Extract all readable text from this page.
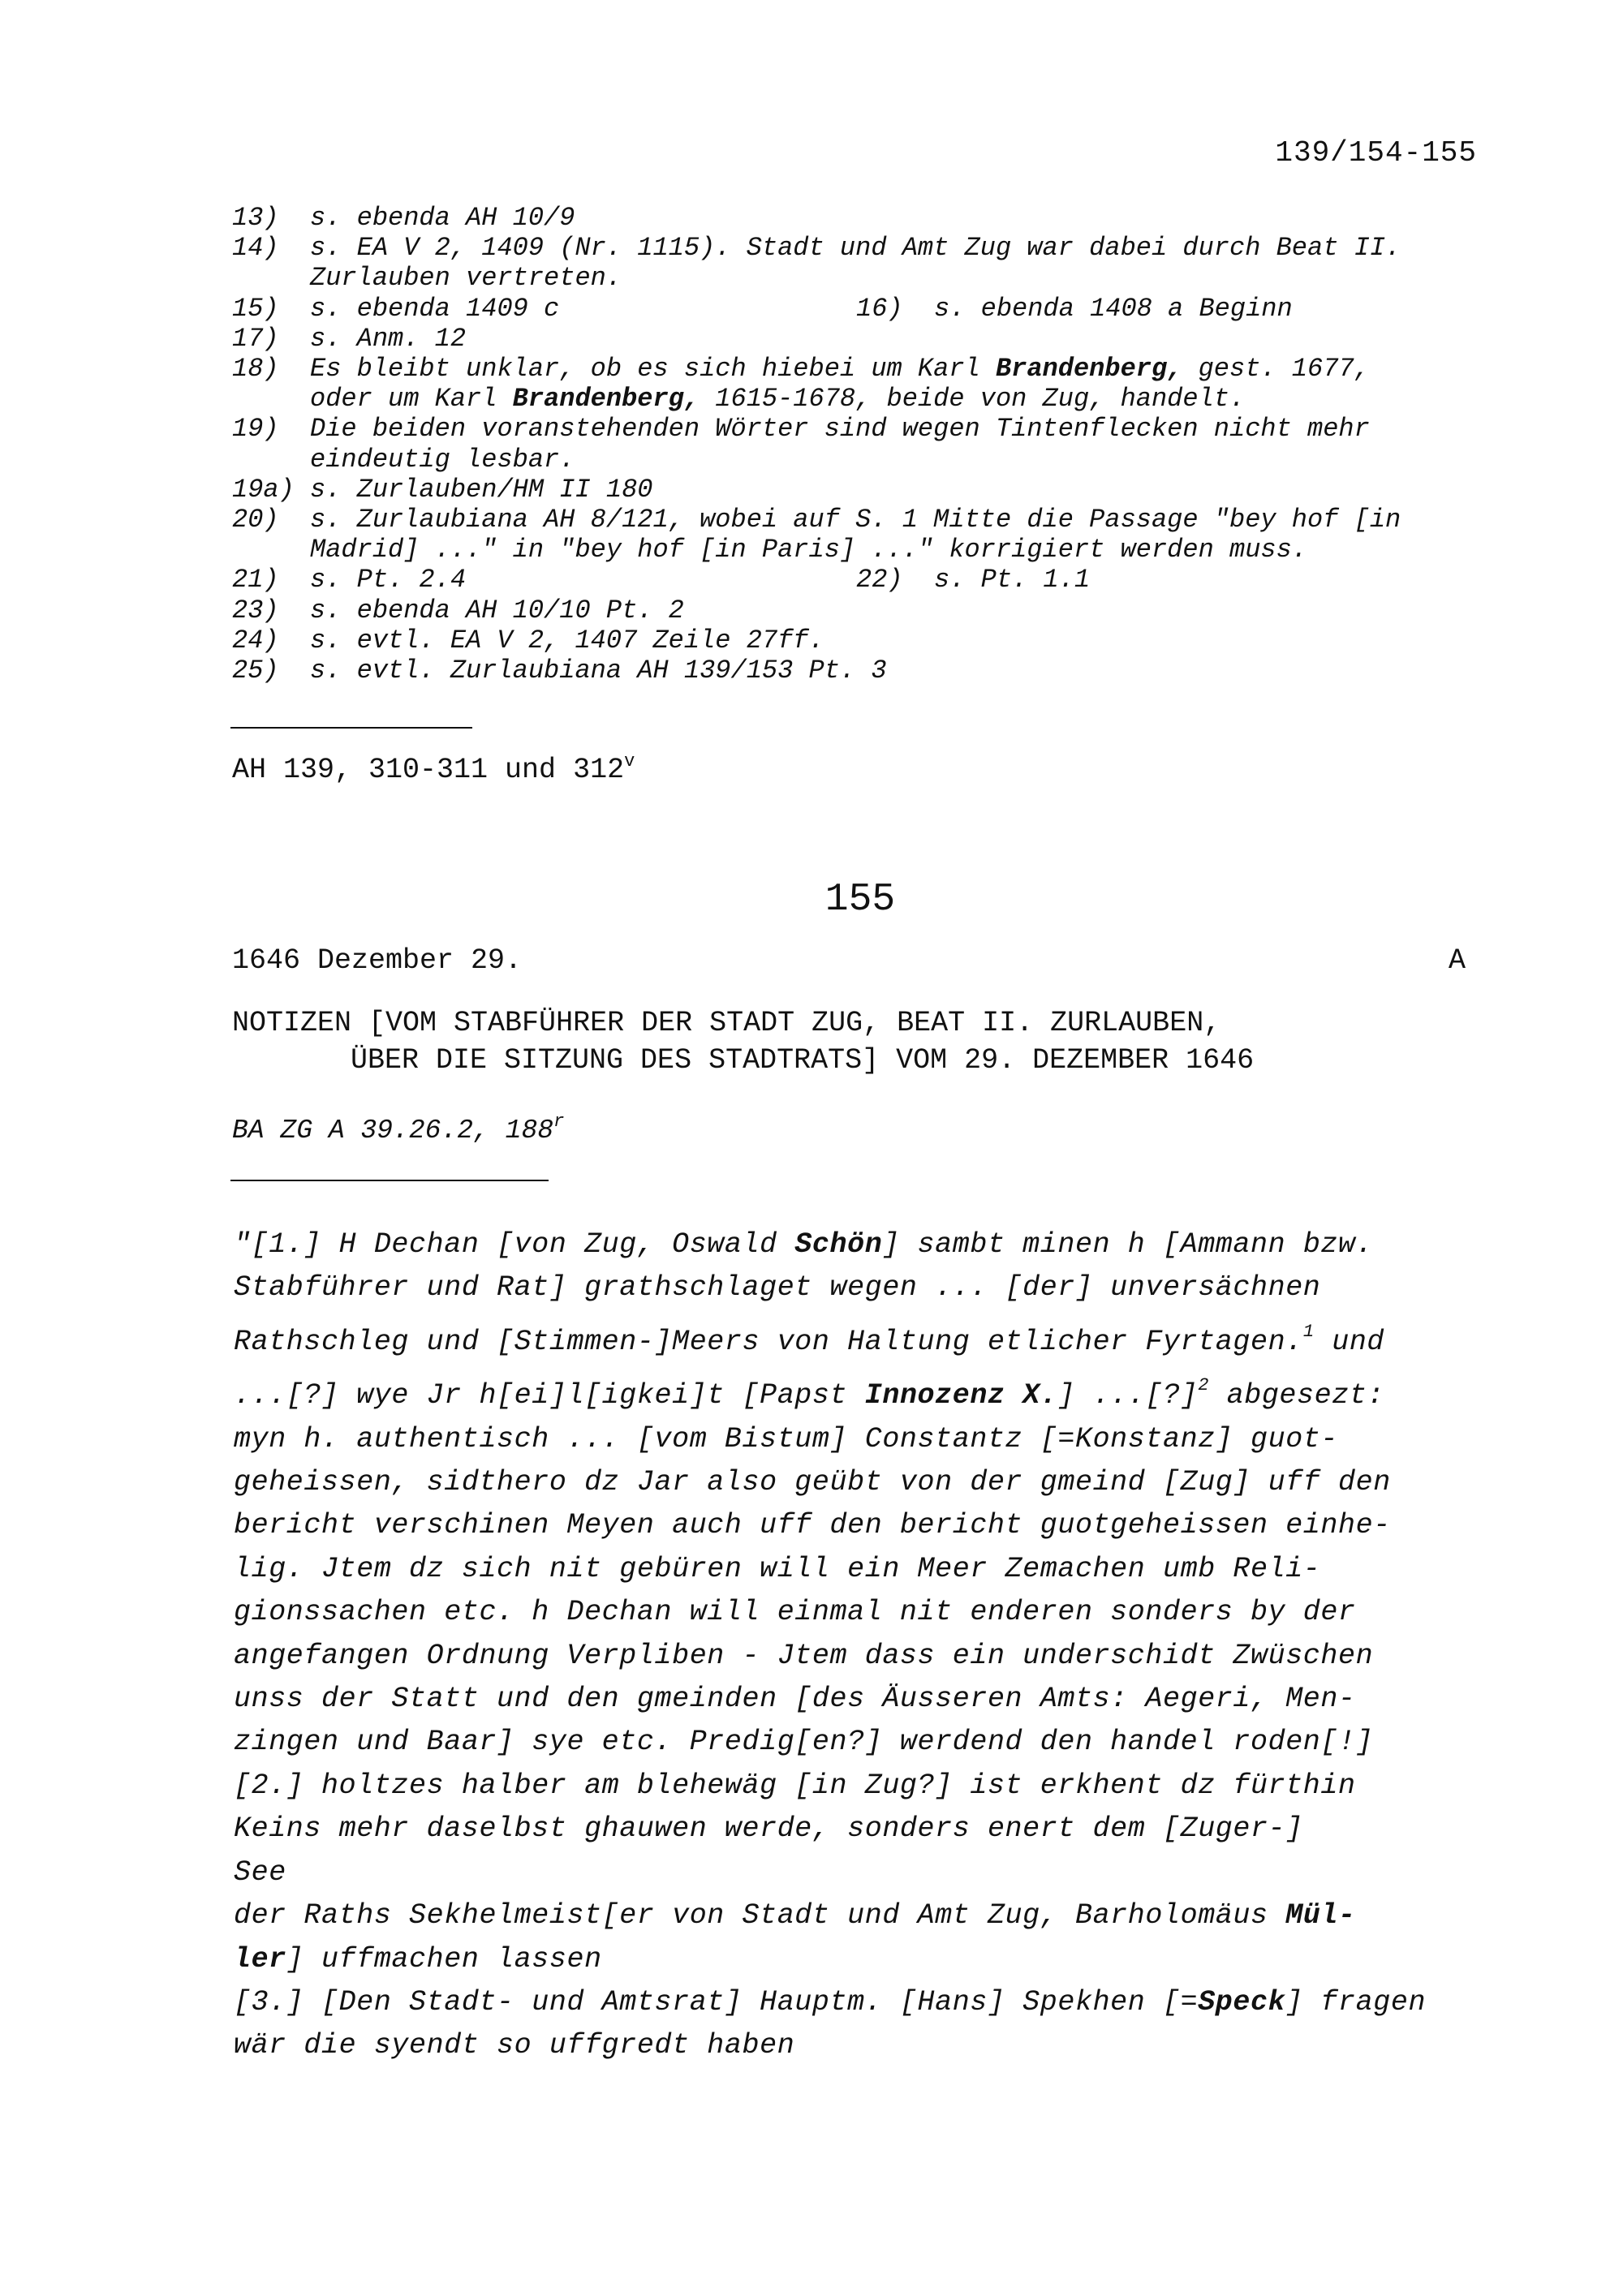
139/154-155
13) s. ebenda AH 10/9
14) s. EA V 2, 1409 (Nr. 1115). Stadt und Amt Zug war dabei durch Beat II.
Zurlauben vertreten.
15) s. ebenda 1409 c	16) s. ebenda 1408 a Beginn
17) s. Anm. 12
18) Es bleibt unklar, ob es sich hiebei um Karl Brandenberg, gest. 1677,
oder um Karl Brandenberg, 1615-1678, beide von Zug, handelt.
19) Die beiden voranstehenden Wörter sind wegen Tintenflecken nicht mehr
eindeutig lesbar.
19a) s. Zurlauben/HM II 180
20) s. Zurlaubiana AH 8/121, wobei auf S. 1 Mitte die Passage "bey hof [in
Madrid] ..." in "bey hof [in Paris] ..." korrigiert werden muss.
21) s. Pt. 2.4	22) s. Pt. 1.1
23) s. ebenda AH 10/10 Pt. 2
24) s. evtl. EA V 2, 1407 Zeile 27ff.
25) s. evtl. Zurlaubiana AH 139/153 Pt. 3
AH 139, 310-311 und 312$^v$
155
1646 Dezember 29.	A
NOTIZEN [VOM STABFÜHRER DER STADT ZUG, BEAT II. ZURLAUBEN,
ÜBER DIE SITZUNG DES STADTRATS] VOM 29. DEZEMBER 1646
BA ZG A 39.26.2, 188$^r$
"[1.] H Dechan [von Zug, Oswald Schön] sambt minen h [Ammann bzw.
Stabführer und Rat] grathschlaget wegen ... [der] unversächnen
Rathschleg und [Stimmen-]Meers von Haltung etlicher Fyrtagen.$^1$ und
...[?] wye Jr h[ei]l[igkei]t [Papst Innozenz X.] ...[?]$^2$ abgesezt:
myn h. authentisch ... [vom Bistum] Constantz [=Konstanz] guot-
geheissen, sidthero dz Jar also geübt von der gmeind [Zug] uff den
bericht verschinen Meyen auch uff den bericht guotgeheissen einhe-
lig. Jtem dz sich nit gebüren will ein Meer Zemachen umb Reli-
gionssachen etc. h Dechan will einmal nit enderen sonders by der
angefangen Ordnung Verpliben - Jtem dass ein underschidt Zwüschen
unss der Statt und den gmeinden [des Äusseren Amts: Aegeri, Men-
zingen und Baar] sye etc. Predig[en?] werdend den handel roden[!]
[2.] holtzes halber am blehewäg [in Zug?] ist erkhent dz fürthin
Keins mehr daselbst ghauwen werde, sonders enert dem [Zuger-]
See
der Raths Sekhelmeist[er von Stadt und Amt Zug, Barholomäus Mül-
ler] uffmachen lassen
[3.] [Den Stadt- und Amtsrat] Hauptm. [Hans] Spekhen [=Speck] fragen
wär die syendt so uffgredt haben
